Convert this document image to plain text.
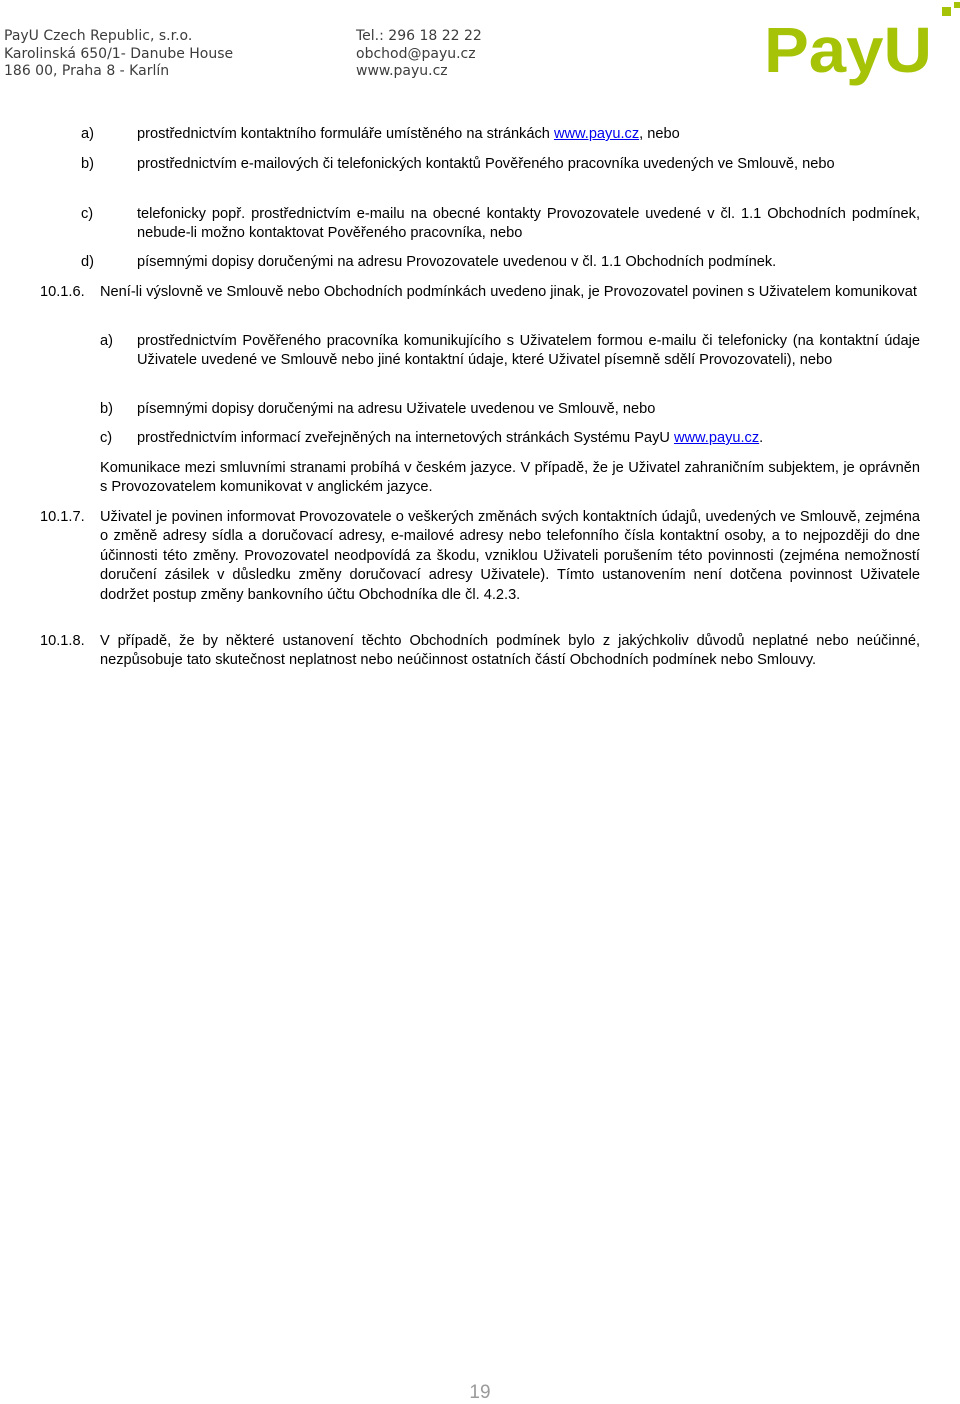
PayU Czech Republic, s.r.o.
Karolinská 650/1- Danube House
186 00, Praha 8 - Karlín
Tel.: 296 18 22 22
obchod@payu.cz
www.payu.cz	PayU
a)	prostřednictvím kontaktního formuláře umístěného na stránkách www.payu.cz, nebo
b)	prostřednictvím e-mailových či telefonických kontaktů Pověřeného pracovníka uvedených ve Smlouvě, nebo
c)	telefonicky popř. prostřednictvím e-mailu na obecné kontakty Provozovatele uvedené v čl. 1.1 Obchodních podmínek, nebude-li možno kontaktovat Pověřeného pracovníka, nebo
d)	písemnými dopisy doručenými na adresu Provozovatele uvedenou v čl. 1.1 Obchodních podmínek.
10.1.6. Není-li výslovně ve Smlouvě nebo Obchodních podmínkách uvedeno jinak, je Provozovatel povinen s Uživatelem komunikovat
a) prostřednictvím Pověřeného pracovníka komunikujícího s Uživatelem formou e-mailu či telefonicky (na kontaktní údaje Uživatele uvedené ve Smlouvě nebo jiné kontaktní údaje, které Uživatel písemně sdělí Provozovateli), nebo
b) písemnými dopisy doručenými na adresu Uživatele uvedenou ve Smlouvě, nebo
c) prostřednictvím informací zveřejněných na internetových stránkách Systému PayU www.payu.cz.
Komunikace mezi smluvními stranami probíhá v českém jazyce. V případě, že je Uživatel zahraničním subjektem, je oprávněn s Provozovatelem komunikovat v anglickém jazyce.
10.1.7. Uživatel je povinen informovat Provozovatele o veškerých změnách svých kontaktních údajů, uvedených ve Smlouvě, zejména o změně adresy sídla a doručovací adresy, e-mailové adresy nebo telefonního čísla kontaktní osoby, a to nejpozději do dne účinnosti této změny. Provozovatel neodpovídá za škodu, vzniklou Uživateli porušením této povinnosti (zejména nemožností doručení zásilek v důsledku změny doručovací adresy Uživatele). Tímto ustanovením není dotčena povinnost Uživatele dodržet postup změny bankovního účtu Obchodníka dle čl. 4.2.3.
10.1.8. V případě, že by některé ustanovení těchto Obchodních podmínek bylo z jakýchkoliv důvodů neplatné nebo neúčinné, nezpůsobuje tato skutečnost neplatnost nebo neúčinnost ostatních částí Obchodních podmínek nebo Smlouvy.
19
